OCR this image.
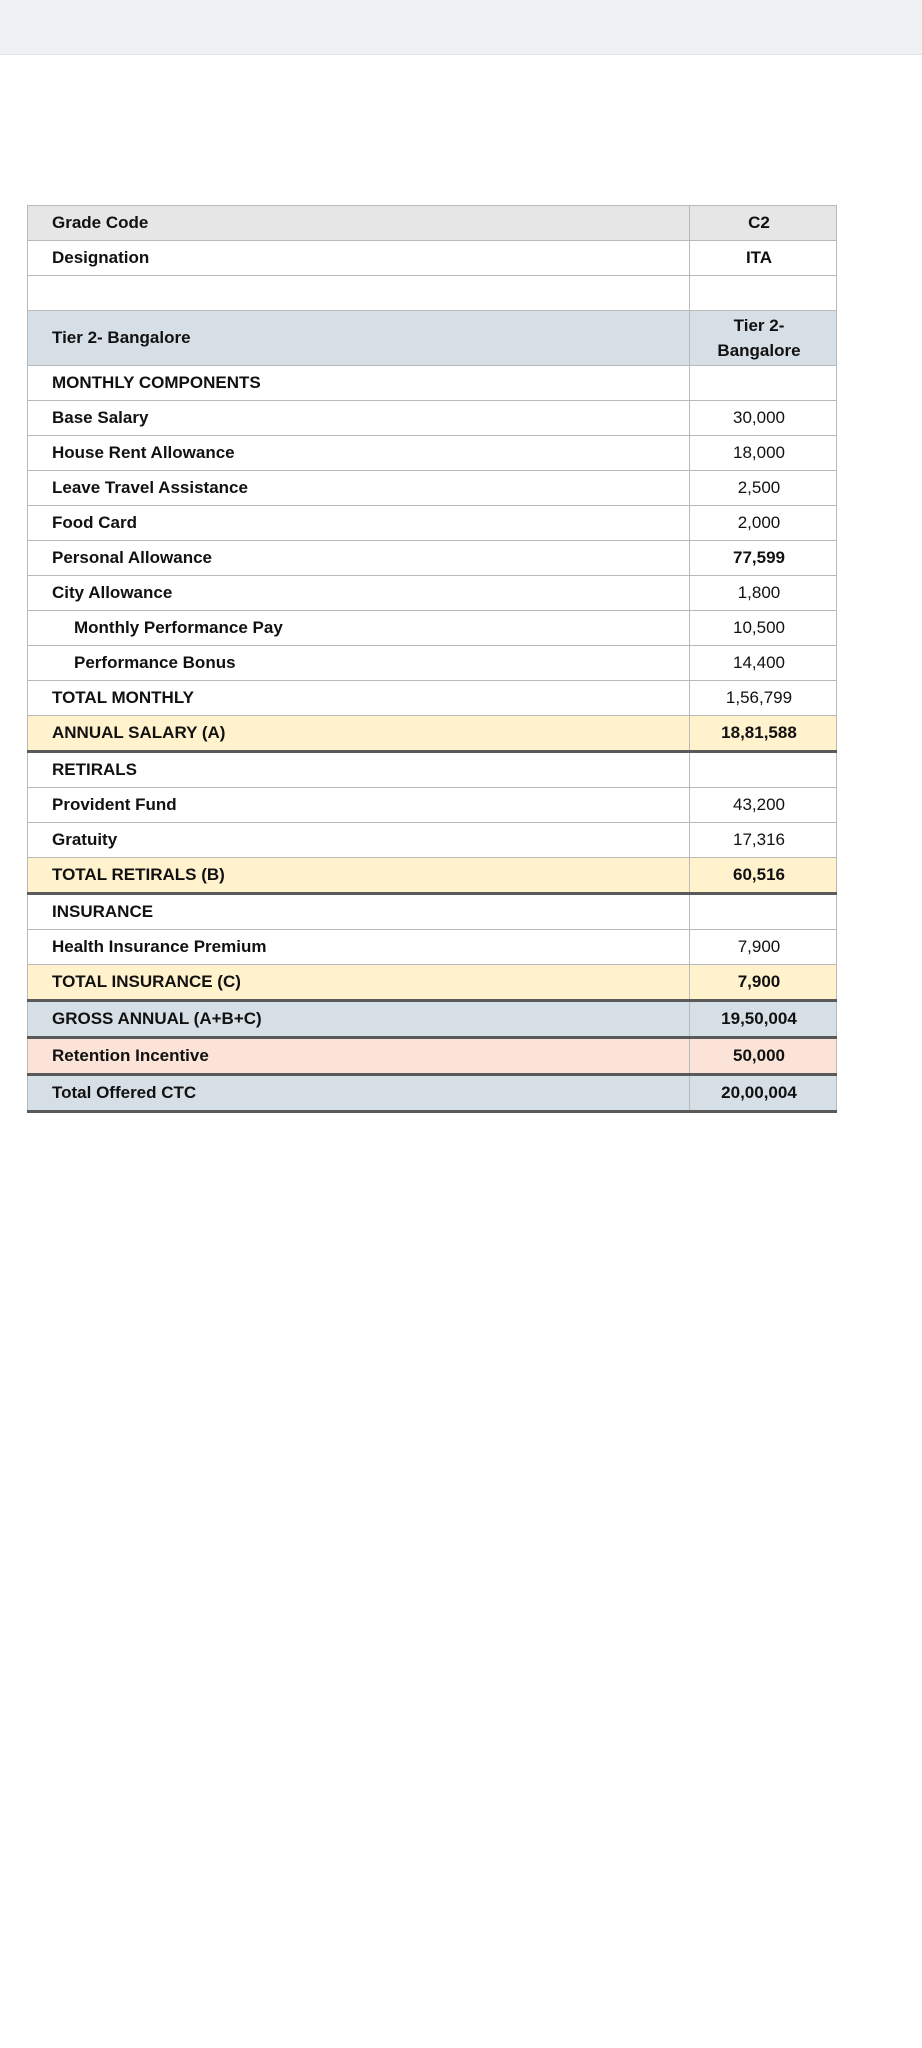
Grade Code	C2
Designation	ITA

Tier 2- Bangalore	Tier 2-
Bangalore
MONTHLY COMPONENTS	
Base Salary	30,000
House Rent Allowance	18,000
Leave Travel Assistance	2,500
Food Card	2,000
Personal Allowance	77,599
City Allowance	1,800
Monthly Performance Pay	10,500
Performance Bonus	14,400
TOTAL MONTHLY	1,56,799
ANNUAL SALARY (A)	18,81,588
RETIRALS	
Provident Fund	43,200
Gratuity	17,316
TOTAL RETIRALS (B)	60,516
INSURANCE	
Health Insurance Premium	7,900
TOTAL INSURANCE (C)	7,900
GROSS ANNUAL (A+B+C)	19,50,004
Retention Incentive	50,000
Total Offered CTC	20,00,004
